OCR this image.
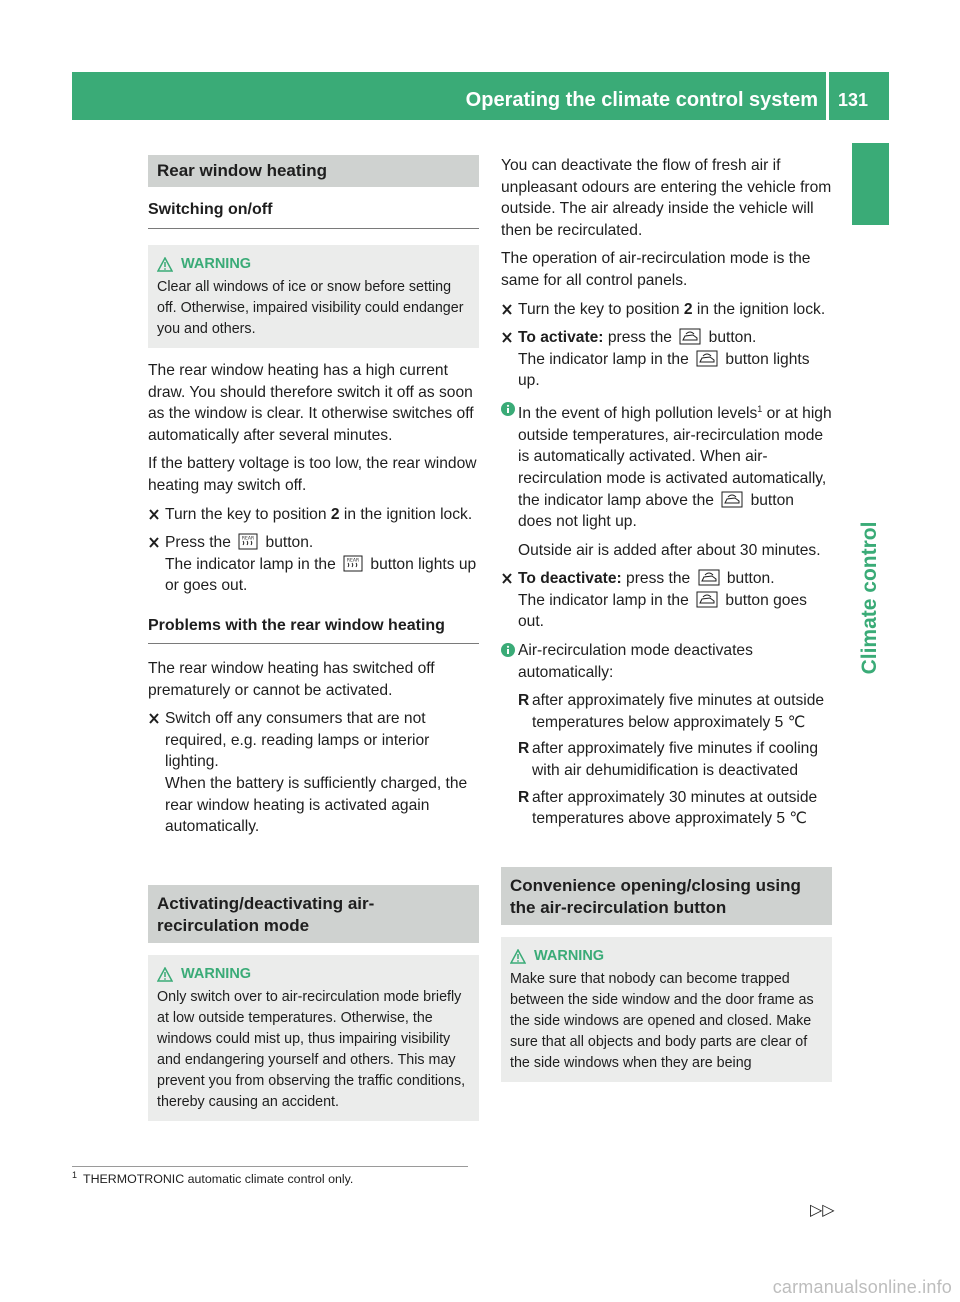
Operating the climate control system 131
Climate control
Rear window heating
Switching on/off
WARNING
Clear all windows of ice or snow before setting off. Otherwise, impaired visibility could endanger you and others.

The rear window heating has a high current draw. You should therefore switch it off as soon as the window is clear. It otherwise switches off automatically after several minutes.

If the battery voltage is too low, the rear window heating may switch off.

Turn the key to position 2 in the ignition lock.
Press the REAR button.
The indicator lamp in the REAR button lights up or goes out.
Problems with the rear window heating

The rear window heating has switched off prematurely or cannot be activated.

Switch off any consumers that are not required, e.g. reading lamps or interior lighting.
When the battery is sufficiently charged, the rear window heating is activated again automatically.
Activating/deactivating air-recirculation mode
WARNING
Only switch over to air-recirculation mode briefly at low outside temperatures. Otherwise, the windows could mist up, thus impairing visibility and endangering yourself and others. This may prevent you from observing the traffic conditions, thereby causing an accident.

You can deactivate the flow of fresh air if unpleasant odours are entering the vehicle from outside. The air already inside the vehicle will then be recirculated.

The operation of air-recirculation mode is the same for all control panels.

Turn the key to position 2 in the ignition lock.
To activate: press the  button.
The indicator lamp in the  button lights up.
In the event of high pollution levels$^1$ or at high outside temperatures, air-recirculation mode is automatically activated. When air-recirculation mode is activated automatically, the indicator lamp above the  button does not light up.
Outside air is added after about 30 minutes.
To deactivate: press the  button.
The indicator lamp in the  button goes out.
Air-recirculation mode deactivates automatically:
R after approximately five minutes at outside temperatures below approximately 5 ℃
R after approximately five minutes if cooling with air dehumidification is deactivated
R after approximately 30 minutes at outside temperatures above approximately 5 ℃
Convenience opening/closing using the air-recirculation button
WARNING
Make sure that nobody can become trapped between the side window and the door frame as the side windows are opened and closed. Make sure that all objects and body parts are clear of the side windows when they are being
$^1$ THERMOTRONIC automatic climate control only.
▷▷
carmanualsonline.info
